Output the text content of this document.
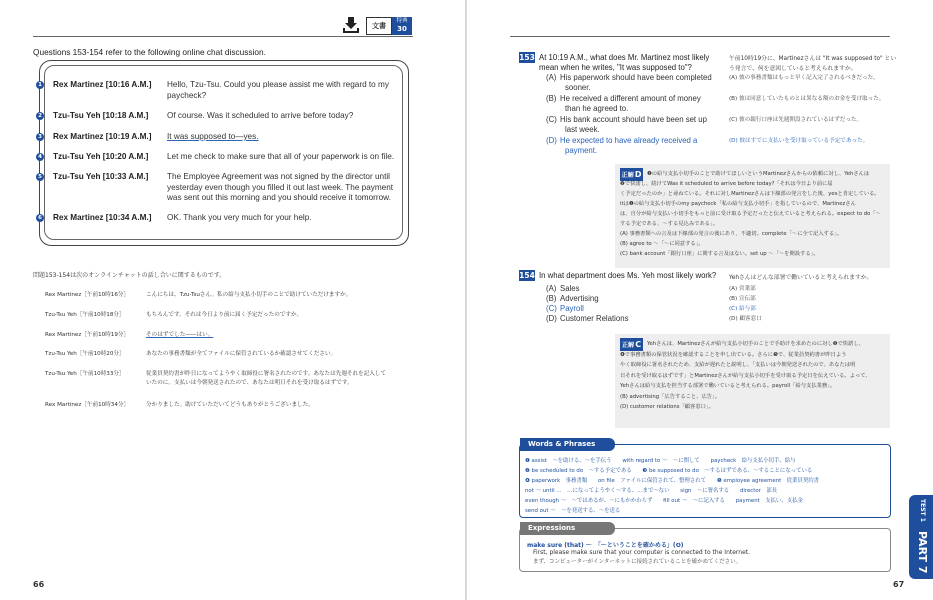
文書
特典
30
Questions 153-154 refer to the following online chat discussion.
1 Rex Martinez [10:16 A.M.] Hello, Tzu-Tsu. Could you please assist me with regard to my
paycheck?
2 Tzu-Tsu Yeh [10:18 A.M.] Of course. Was it scheduled to arrive before today?
3 Rex Martinez [10:19 A.M.] It was supposed to—yes.
4 Tzu-Tsu Yeh [10:20 A.M.] Let me check to make sure that all of your paperwork is on file.
5 Tzu-Tsu Yeh [10:33 A.M.] The Employee Agreement was not signed by the director until
yesterday even though you filled it out last week. The payment
was sent out this morning and you should receive it tomorrow.
6 Rex Martinez [10:34 A.M.] OK. Thank you very much for your help.
問題153-154は次のオンラインチャットの話し合いに関するものです。
Rex Martinez［午前10時16分］	こんにちは、Tzu-Tsuさん。私の給与支払小切手のことで助けていただけますか。
Tzu-Tsu Yeh［午前10時18分］	もちろんです。それは今日より前に届く予定だったのですか。
Rex Martinez［午前10時19分］	そのはずでした――はい。
Tzu-Tsu Yeh［午前10時20分］	あなたの事務書類が全てファイルに保管されているか確認させてください。
Tzu-Tsu Yeh［午前10時33分］	従業員契約書が昨日になってようやく取締役に署名されたのです。あなたは先週それを記入して
いたのに。支払いは今朝発送されたので、あなたは明日それを受け取るはずです。
Rex Martinez［午前10時34分］	分かりました。助けていただいてどうもありがとうございました。
66
153 At 10:19 A.M., what does Mr. Martinez most likely
mean when he writes, "It was supposed to"?
午前10時19分に、Martinezさんは "It was supposed to" とい
う発言で、何を意図していると考えられますか。
(A) His paperwork should have been completed
sooner.
(A) 彼の事務書類はもっと早く記入完了されるべきだった。
(B) He received a different amount of money
than he agreed to.
(B) 彼は同意していたものとは異なる額のお金を受け取った。
(C) His bank account should have been set up
last week.
(C) 彼の銀行口座は先週開設されているはずだった。
(D) He expected to have already received a
payment.
(D) 彼はすでに支払いを受け取っている予定であった。
正解D ❶の給与支払小切手のことで助けてほしいというMartinezさんからの依頼に対し、Yehさんは
❷で快諾し、続けてWas it scheduled to arrive before today?「それは今日より前に届
く予定だったのか」と尋ねている。それに対しMartinezさんは下線部の発言をした後、yesと肯定している。
itは❶の給与支払小切手のmy paycheck「私の給与支払小切手」を指しているので、Martinezさん
は、自分が給与支払い小切手をもっと前に受け取る予定だったと伝えていると考えられる。expect to do「～
する予定である、～する見込みである」。
(A) 事務書類への言及は下線部の発言の後にあり、不適切。complete「～に全て記入する」。
(B) agree to ～「～に同意する」。
(C) bank account「銀行口座」に関する言及はない。set up ～「～を開設する」。
154 In what department does Ms. Yeh most likely work? Yehさんはどんな部署で働いていると考えられますか。
(A) Sales	(A) 営業部
(B) Advertising	(B) 宣伝部
(C) Payroll	(C) 給与部
(D) Customer Relations	(D) 顧客窓口
正解C	Yehさんは、Martinezさんが給与支払小切手のことで手助けを求めたのに対し❷で快諾し、
❹で事務書類の保管状況を確認することを申し出ている。さらに❺で、従業員契約書が昨日よう
やく取締役に署名されたため、支給が遅れたと説明し、「支払いは今朝発送されたので、あなたは明
日それを受け取るはずです」とMartinezさんが給与支払小切手を受け取る予定日を伝えている。よって、
Yehさんは給与支払を担当する部署で働いていると考えられる。payroll「給与支払業務」。
(B) advertising「広告すること、広告」。
(D) customer relations「顧客窓口」。
Words & Phrases
❶ assist　～を助ける、～を手伝う　　with regard to ～　～に関して　　paycheck　給与支払小切手、給与
❷ be scheduled to do　～する予定である　　❸ be supposed to do　～するはずである、～することになっている
❹ paperwork　事務書類　　on file　ファイルに保管されて、整理されて　　❺ employee agreement　従業員契約書
not ～ until …　…になってようやく～する、…まで～ない　　sign　～に署名する　　director　部長
even though ～　～ではあるが、～にもかかわらず　　fill out ～　～に記入する　　payment　支払い、支払金
send out ～　～を発送する、～を送る
Expressions
make sure (that) ～　「～ということを確かめる」(❹)
First, please make sure that your computer is connected to the Internet.
まず、コンピューターがインターネットに接続されていることを確かめてください。
TEST 1 PART 7
67
